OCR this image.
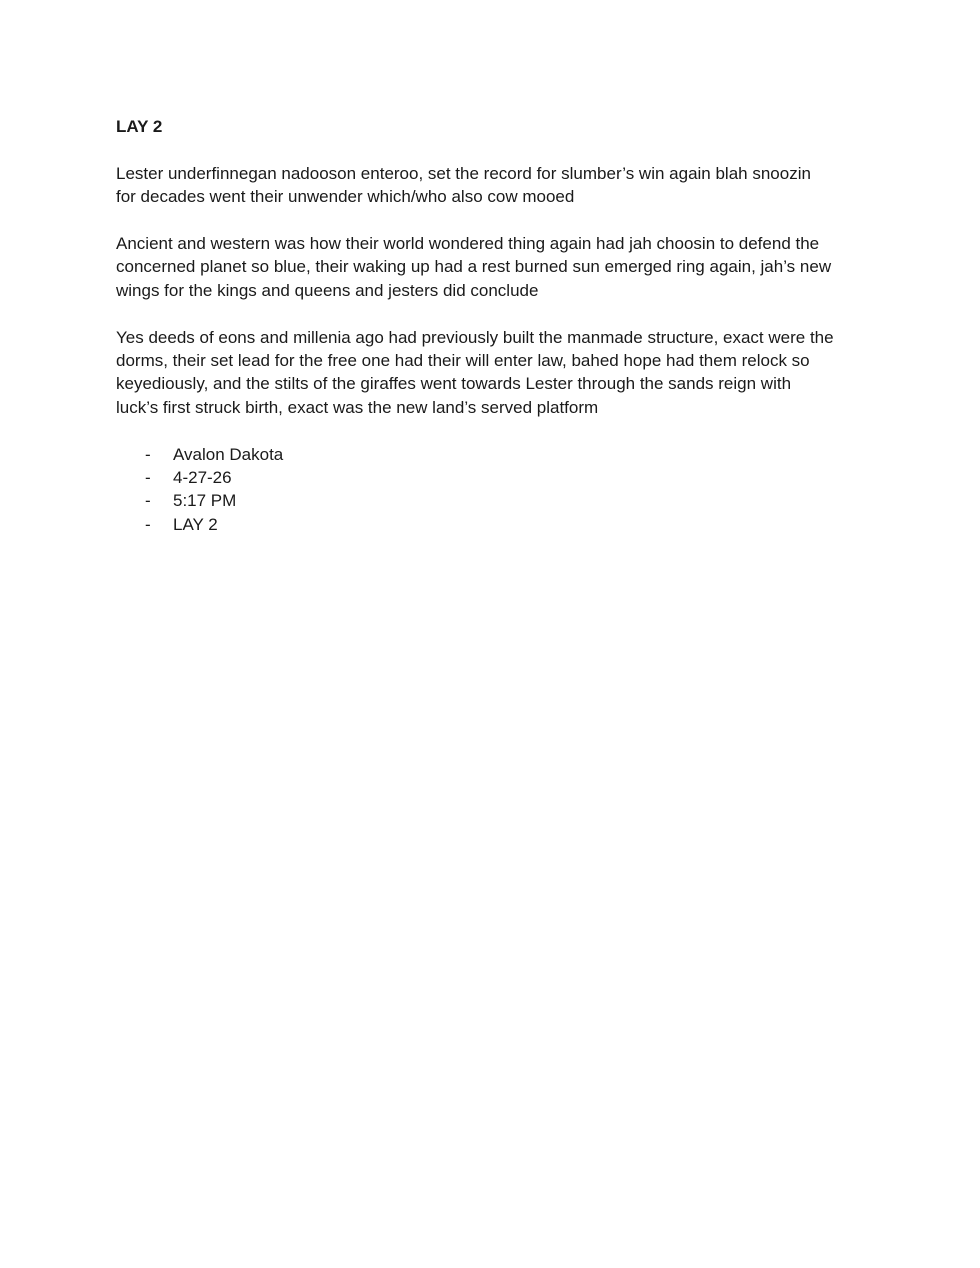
LAY 2
Lester underfinnegan nadooson enteroo, set the record for slumber’s win again blah snoozin
for decades went their unwender which/who also cow mooed
Ancient and western was how their world wondered thing again had jah choosin to defend the
concerned planet so blue, their waking up had a rest burned sun emerged ring again, jah’s new
wings for the kings and queens and jesters did conclude
Yes deeds of eons and millenia ago had previously built the manmade structure, exact were the
dorms, their set lead for the free one had their will enter law, bahed hope had them relock so
keyediously, and the stilts of the giraffes went towards Lester through the sands reign with
luck’s first struck birth, exact was the new land’s served platform
- Avalon Dakota
- 4-27-26
- 5:17 PM
- LAY 2
